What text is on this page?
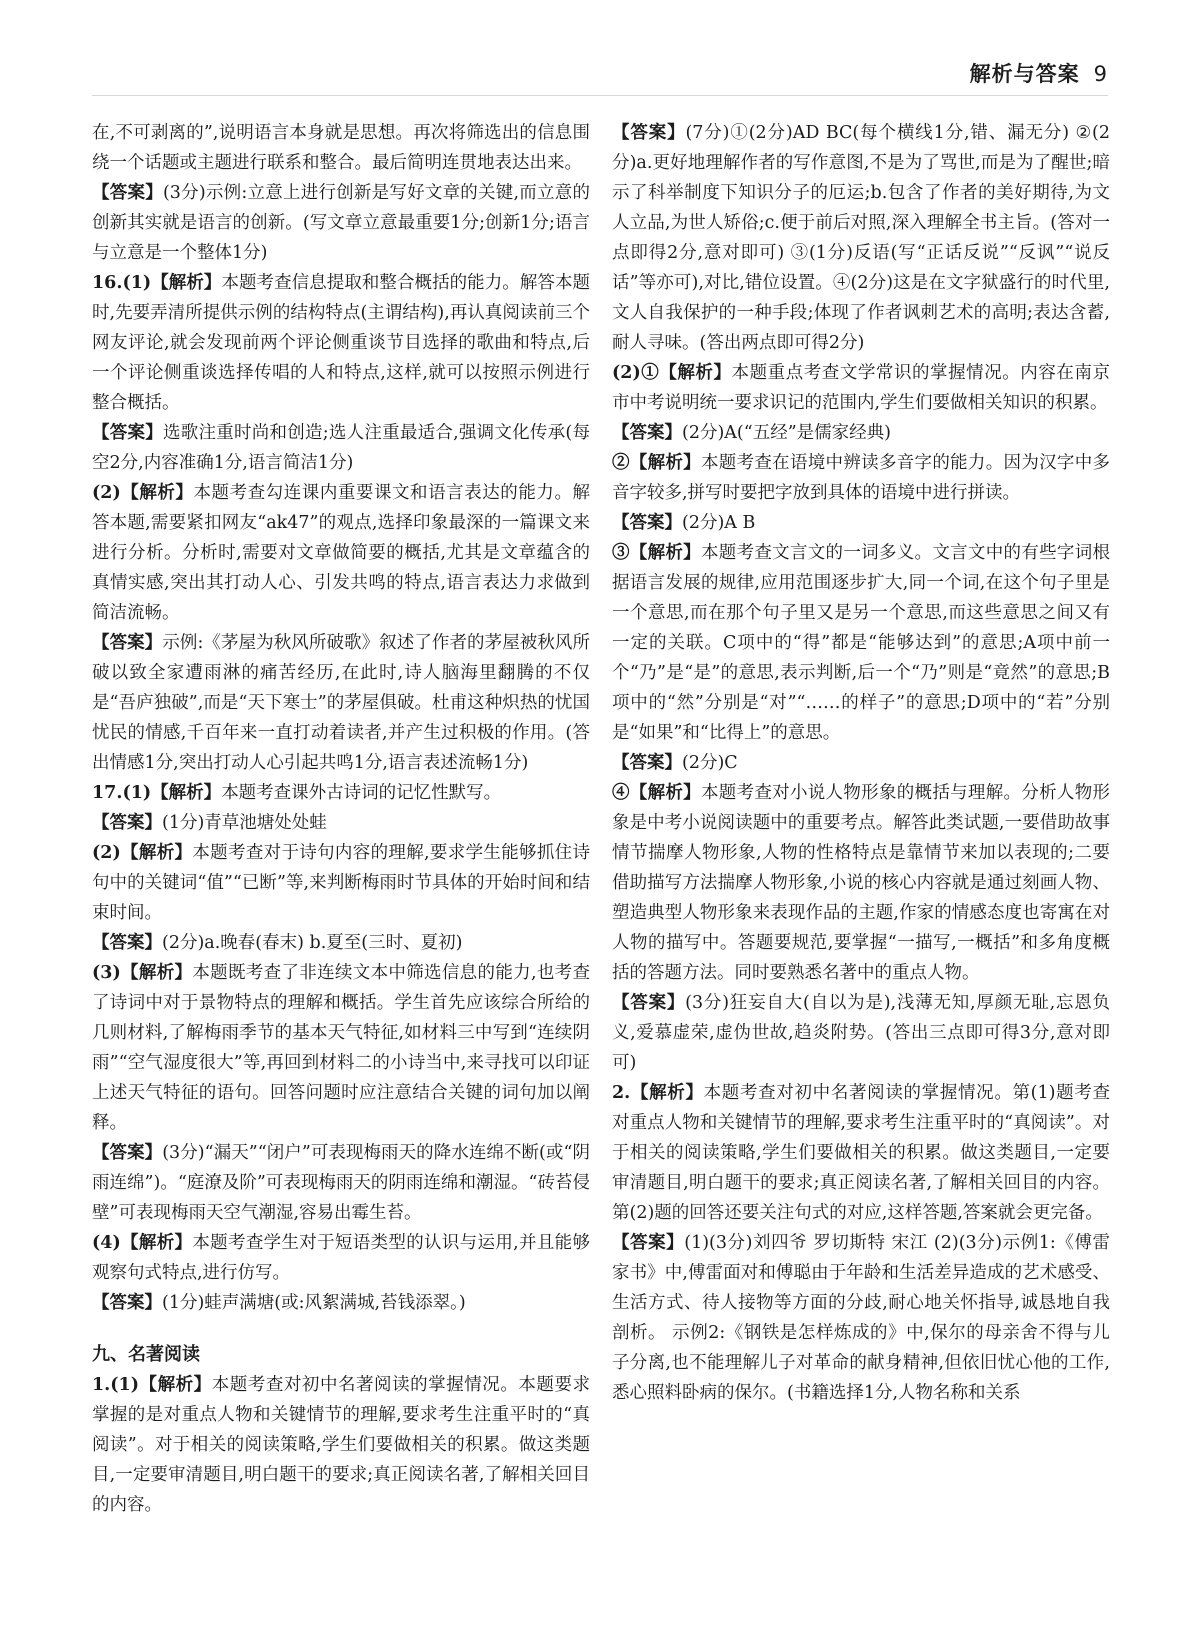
解析与答案 9

在,不可剥离的”,说明语言本身就是思想。再次将筛选出的信息围绕一个话题或主题进行联系和整合。最后简明连贯地表达出来。

【答案】(3分)示例:立意上进行创新是写好文章的关键,而立意的创新其实就是语言的创新。(写文章立意最重要1分;创新1分;语言与立意是一个整体1分)

16.(1)【解析】本题考查信息提取和整合概括的能力。解答本题时,先要弄清所提供示例的结构特点(主谓结构),再认真阅读前三个网友评论,就会发现前两个评论侧重谈节目选择的歌曲和特点,后一个评论侧重谈选择传唱的人和特点,这样,就可以按照示例进行整合概括。

【答案】选歌注重时尚和创造;选人注重最适合,强调文化传承(每空2分,内容准确1分,语言简洁1分)

(2)【解析】本题考查勾连课内重要课文和语言表达的能力。解答本题,需要紧扣网友“ak47”的观点,选择印象最深的一篇课文来进行分析。分析时,需要对文章做简要的概括,尤其是文章蕴含的真情实感,突出其打动人心、引发共鸣的特点,语言表达力求做到简洁流畅。

【答案】示例:《茅屋为秋风所破歌》叙述了作者的茅屋被秋风所破以致全家遭雨淋的痛苦经历,在此时,诗人脑海里翻腾的不仅是“吾庐独破”,而是“天下寒士”的茅屋俱破。杜甫这种炽热的忧国忧民的情感,千百年来一直打动着读者,并产生过积极的作用。(答出情感1分,突出打动人心引起共鸣1分,语言表述流畅1分)

17.(1)【解析】本题考查课外古诗词的记忆性默写。

【答案】(1分)青草池塘处处蛙

(2)【解析】本题考查对于诗句内容的理解,要求学生能够抓住诗句中的关键词“值”“已断”等,来判断梅雨时节具体的开始时间和结束时间。

【答案】(2分)a.晚春(春末) b.夏至(三时、夏初)

(3)【解析】本题既考查了非连续文本中筛选信息的能力,也考查了诗词中对于景物特点的理解和概括。学生首先应该综合所给的几则材料,了解梅雨季节的基本天气特征,如材料三中写到“连续阴雨”“空气湿度很大”等,再回到材料二的小诗当中,来寻找可以印证上述天气特征的语句。回答问题时应注意结合关键的词句加以阐释。

【答案】(3分)“漏天”“闭户”可表现梅雨天的降水连绵不断(或“阴雨连绵”)。“庭潦及阶”可表现梅雨天的阴雨连绵和潮湿。“砖苔侵壁”可表现梅雨天空气潮湿,容易出霉生苔。

(4)【解析】本题考查学生对于短语类型的认识与运用,并且能够观察句式特点,进行仿写。

【答案】(1分)蛙声满塘(或:风絮满城,苔钱添翠。)

九、名著阅读

1.(1)【解析】本题考查对初中名著阅读的掌握情况。本题要求掌握的是对重点人物和关键情节的理解,要求考生注重平时的“真阅读”。对于相关的阅读策略,学生们要做相关的积累。做这类题目,一定要审清题目,明白题干的要求;真正阅读名著,了解相关回目的内容。

【答案】(7分)①(2分)AD BC(每个横线1分,错、漏无分) ②(2分)a.更好地理解作者的写作意图,不是为了骂世,而是为了醒世;暗示了科举制度下知识分子的厄运;b.包含了作者的美好期待,为文人立品,为世人矫俗;c.便于前后对照,深入理解全书主旨。(答对一点即得2分,意对即可) ③(1分)反语(写“正话反说”“反讽”“说反话”等亦可),对比,错位设置。④(2分)这是在文字狱盛行的时代里,文人自我保护的一种手段;体现了作者讽刺艺术的高明;表达含蓄,耐人寻味。(答出两点即可得2分)

(2)①【解析】本题重点考查文学常识的掌握情况。内容在南京市中考说明统一要求识记的范围内,学生们要做相关知识的积累。

【答案】(2分)A(“五经”是儒家经典)

②【解析】本题考查在语境中辨读多音字的能力。因为汉字中多音字较多,拼写时要把字放到具体的语境中进行拼读。

【答案】(2分)A B

③【解析】本题考查文言文的一词多义。文言文中的有些字词根据语言发展的规律,应用范围逐步扩大,同一个词,在这个句子里是一个意思,而在那个句子里又是另一个意思,而这些意思之间又有一定的关联。C项中的“得”都是“能够达到”的意思;A项中前一个“乃”是“是”的意思,表示判断,后一个“乃”则是“竟然”的意思;B项中的“然”分别是“对”“……的样子”的意思;D项中的“若”分别是“如果”和“比得上”的意思。

【答案】(2分)C

④【解析】本题考查对小说人物形象的概括与理解。分析人物形象是中考小说阅读题中的重要考点。解答此类试题,一要借助故事情节揣摩人物形象,人物的性格特点是靠情节来加以表现的;二要借助描写方法揣摩人物形象,小说的核心内容就是通过刻画人物、塑造典型人物形象来表现作品的主题,作家的情感态度也寄寓在对人物的描写中。答题要规范,要掌握“一描写,一概括”和多角度概括的答题方法。同时要熟悉名著中的重点人物。

【答案】(3分)狂妄自大(自以为是),浅薄无知,厚颜无耻,忘恩负义,爱慕虚荣,虚伪世故,趋炎附势。(答出三点即可得3分,意对即可)

2.【解析】本题考查对初中名著阅读的掌握情况。第(1)题考查对重点人物和关键情节的理解,要求考生注重平时的“真阅读”。对于相关的阅读策略,学生们要做相关的积累。做这类题目,一定要审清题目,明白题干的要求;真正阅读名著,了解相关回目的内容。第(2)题的回答还要关注句式的对应,这样答题,答案就会更完备。

【答案】(1)(3分)刘四爷 罗切斯特 宋江 (2)(3分)示例1:《傅雷家书》中,傅雷面对和傅聪由于年龄和生活差异造成的艺术感受、生活方式、待人接物等方面的分歧,耐心地关怀指导,诚恳地自我剖析。 示例2:《钢铁是怎样炼成的》中,保尔的母亲舍不得与儿子分离,也不能理解儿子对革命的献身精神,但依旧忧心他的工作,悉心照料卧病的保尔。(书籍选择1分,人物名称和关系
